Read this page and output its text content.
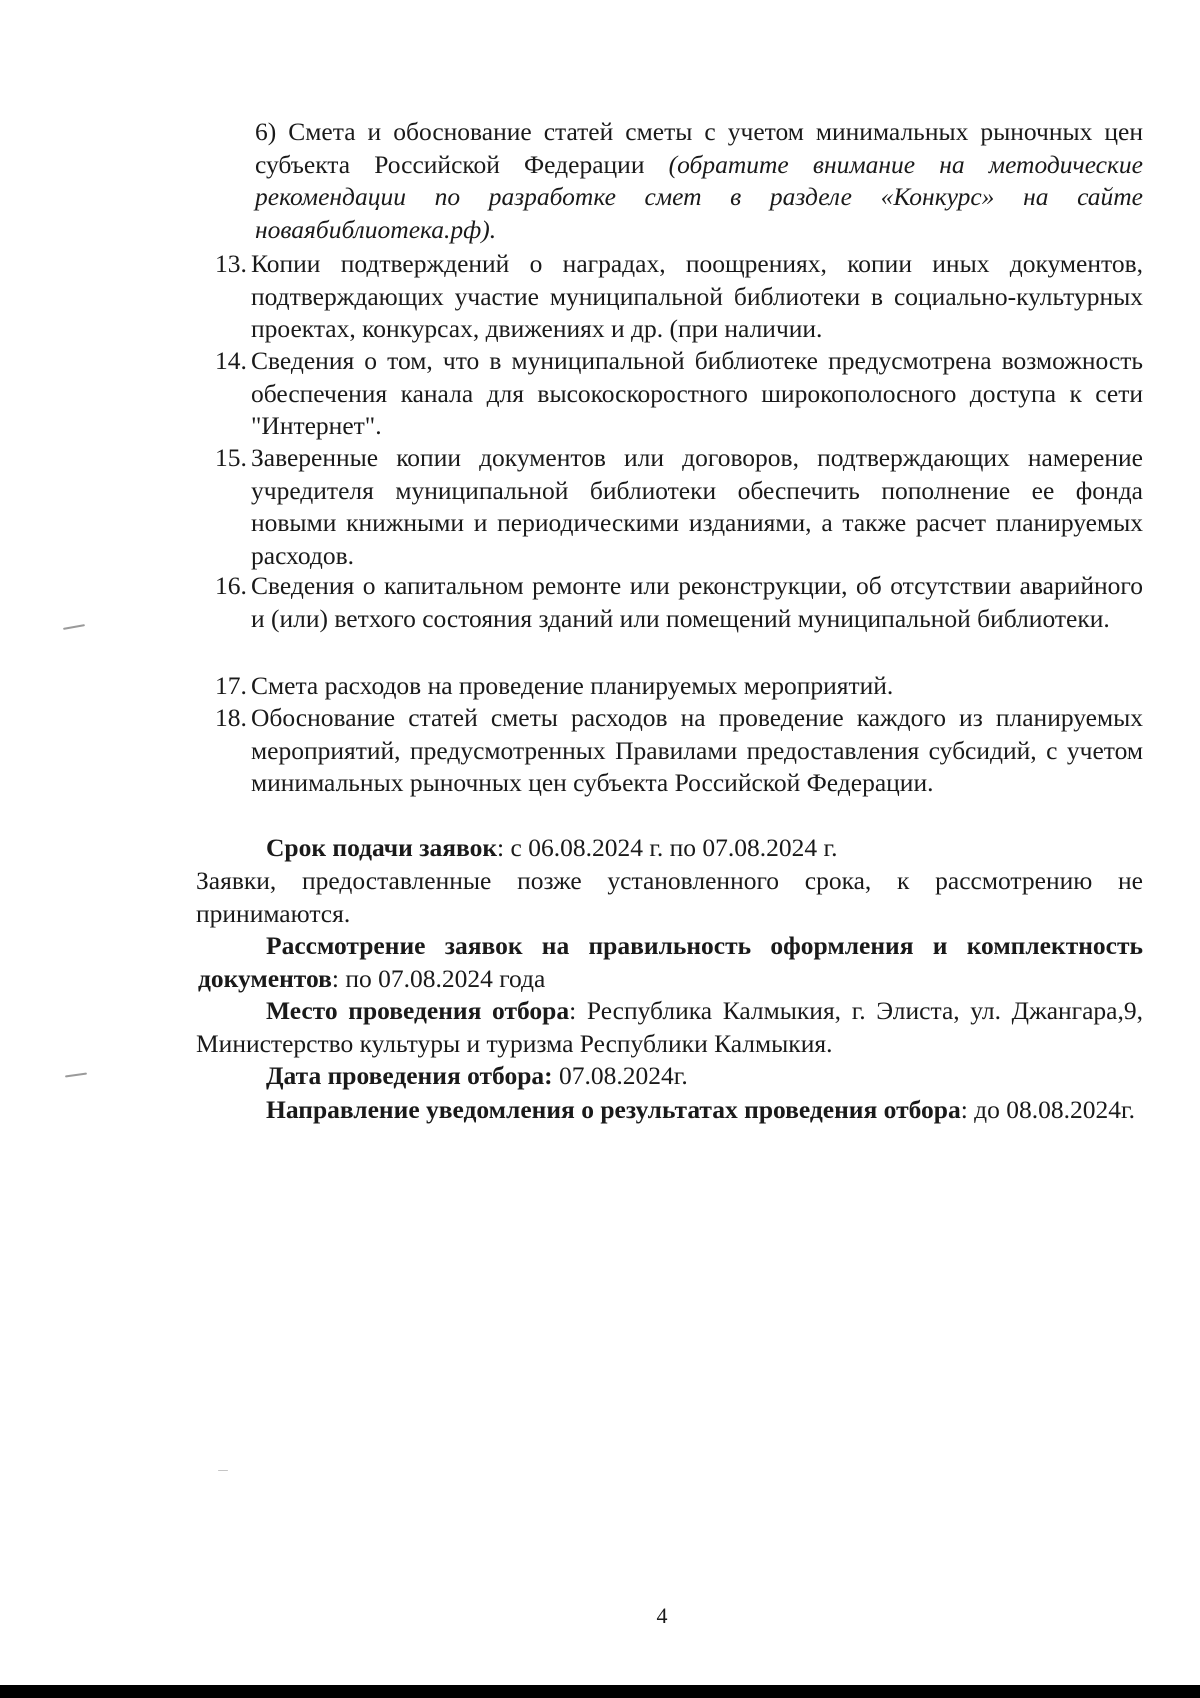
6) Смета и обоснование статей сметы с учетом минимальных рыночных цен субъекта Российской Федерации (обратите внимание на методические рекомендации по разработке смет в разделе «Конкурс» на сайте новаябиблиотека.рф).
13. Копии подтверждений о наградах, поощрениях, копии иных документов, подтверждающих участие муниципальной библиотеки в социально-культурных проектах, конкурсах, движениях и др. (при наличии.
14. Сведения о том, что в муниципальной библиотеке предусмотрена возможность обеспечения канала для высокоскоростного широкополосного доступа к сети "Интернет".
15. Заверенные копии документов или договоров, подтверждающих намерение учредителя муниципальной библиотеки обеспечить пополнение ее фонда новыми книжными и периодическими изданиями, а также расчет планируемых расходов.
16. Сведения о капитальном ремонте или реконструкции, об отсутствии аварийного и (или) ветхого состояния зданий или помещений муниципальной библиотеки.
17. Смета расходов на проведение планируемых мероприятий.
18. Обоснование статей сметы расходов на проведение каждого из планируемых мероприятий, предусмотренных Правилами предоставления субсидий, с учетом минимальных рыночных цен субъекта Российской Федерации.
Срок подачи заявок: с 06.08.2024 г. по 07.08.2024 г.
Заявки, предоставленные позже установленного срока, к рассмотрению не принимаются.
Рассмотрение заявок на правильность оформления и комплектность документов: по 07.08.2024 года
Место проведения отбора: Республика Калмыкия, г. Элиста, ул. Джангара,9, Министерство культуры и туризма Республики Калмыкия.
Дата проведения отбора: 07.08.2024г.
Направление уведомления о результатах проведения отбора: до 08.08.2024г.
4
